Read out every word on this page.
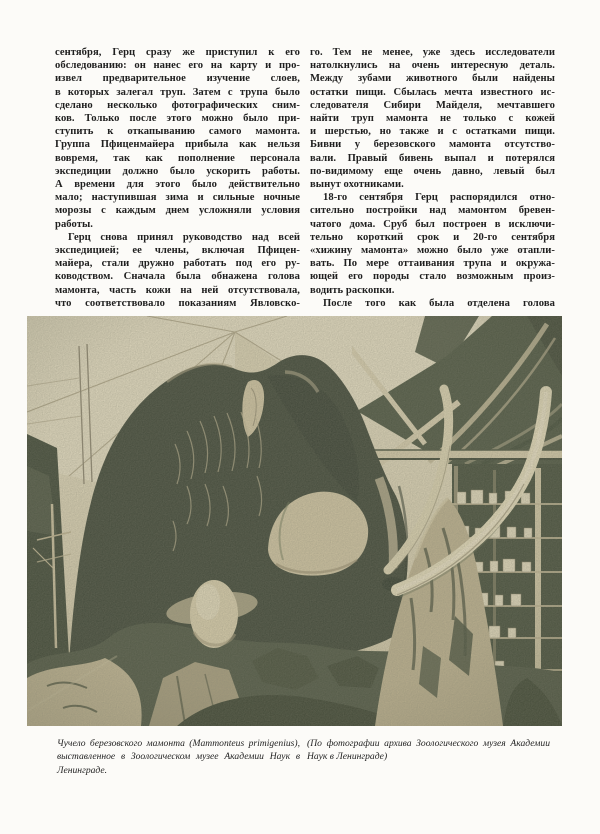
сентября, Герц сразу же приступил к его
обследованию: он нанес его на карту и про-
извел предварительное изучение слоев,
в которых залегал труп. Затем с трупа было
сделано несколько фотографических сним-
ков. Только после этого можно было при-
ступить к откапыванию самого мамонта.
Группа Пфиценмайера прибыла как нельзя
вовремя, так как пополнение персонала
экспедиции должно было ускорить работы.
А времени для этого было действительно
мало; наступившая зима и сильные ночные
морозы с каждым днем усложняли условия
работы.
Герц снова принял руководство над всей
экспедицией; ее члены, включая Пфицен-
майера, стали дружно работать под его ру-
ководством. Сначала была обнажена голова
мамонта, часть кожи на ней отсутствовала,
что соответствовало показаниям Явловско-
го. Тем не менее, уже здесь исследователи
натолкнулись на очень интересную деталь.
Между зубами животного были найдены
остатки пищи. Сбылась мечта известного ис-
следователя Сибири Майделя, мечтавшего
найти труп мамонта не только с кожей
и шерстью, но также и с остатками пищи.
Бивни у березовского мамонта отсутство-
вали. Правый бивень выпал и потерялся
по-видимому еще очень давно, левый был
вынут охотниками.
18-го сентября Герц распорядился отно-
сительно постройки над мамонтом бревен-
чатого дома. Сруб был построен в исключи-
тельно короткий срок и 20-го сентября
«хижину мамонта» можно было уже отапли-
вать. По мере оттаивания трупа и окружа-
ющей его породы стало возможным произ-
водить раскопки.
После того как была отделена голова
Чучело березовского мамонта (Mammonteus primigenius), выставленное в Зоологическом музее Академии Наук в Ленинграде.
(По фотографии архива Зоологического музея Академии Наук в Ленинграде)
